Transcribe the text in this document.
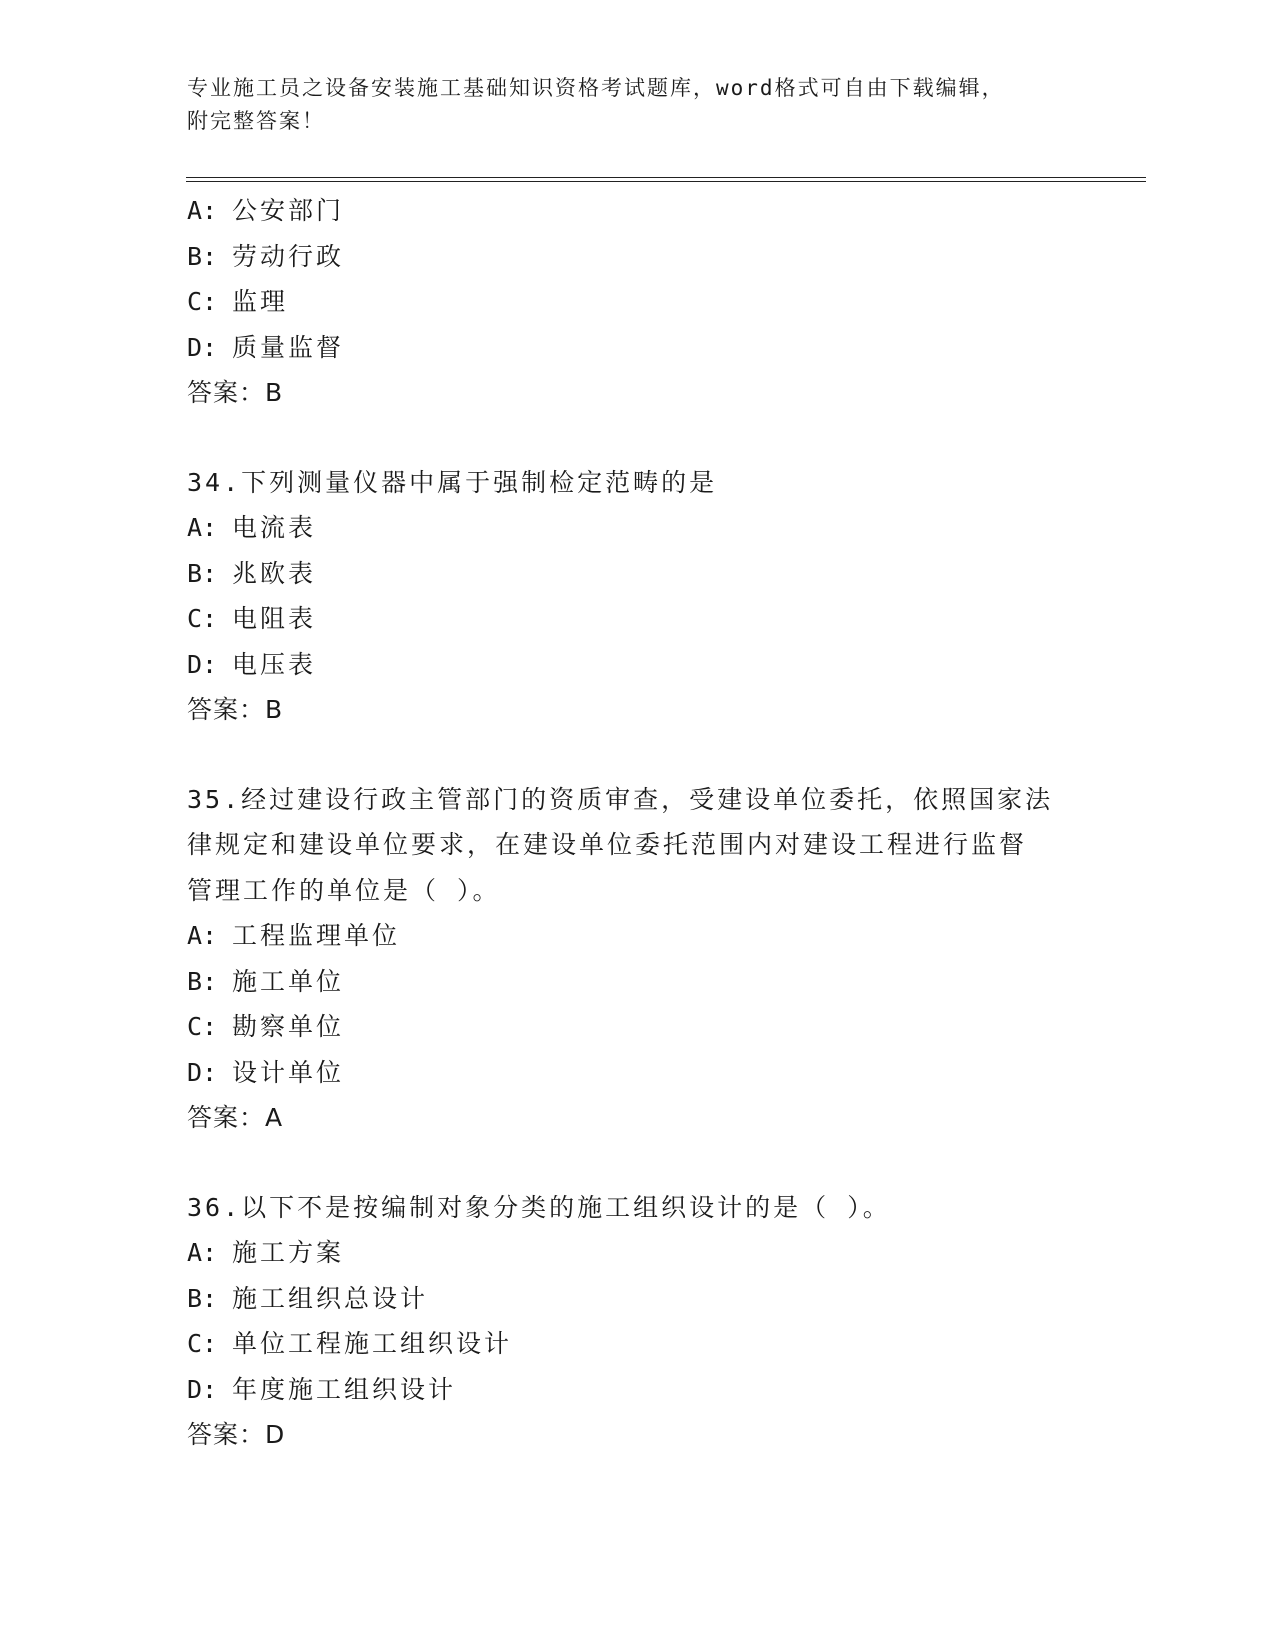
专业施工员之设备安装施工基础知识资格考试题库，word格式可自由下载编辑，
附完整答案！
A: 公安部门
B: 劳动行政
C: 监理
D: 质量监督
答案：B
34.下列测量仪器中属于强制检定范畴的是
A: 电流表
B: 兆欧表
C: 电阻表
D: 电压表
答案：B
35.经过建设行政主管部门的资质审查，受建设单位委托，依照国家法
律规定和建设单位要求，在建设单位委托范围内对建设工程进行监督
管理工作的单位是（ ）。
A: 工程监理单位
B: 施工单位
C: 勘察单位
D: 设计单位
答案：A
36.以下不是按编制对象分类的施工组织设计的是（ ）。
A: 施工方案
B: 施工组织总设计
C: 单位工程施工组织设计
D: 年度施工组织设计
答案：D
